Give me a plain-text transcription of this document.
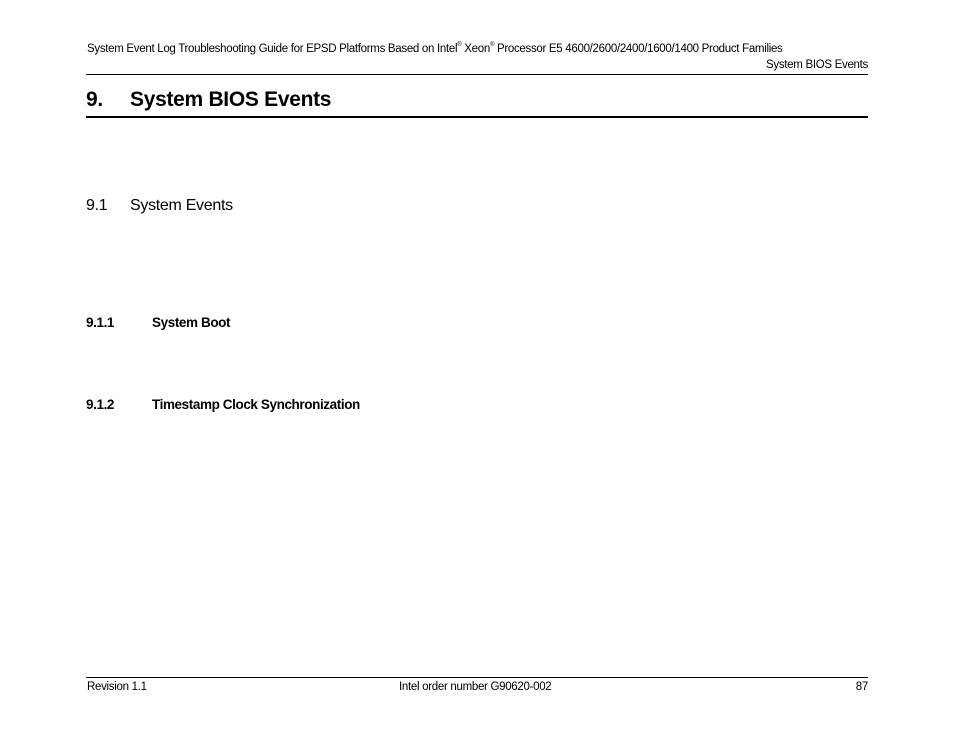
System Event Log Troubleshooting Guide for EPSD Platforms Based on Intel® Xeon® Processor E5 4600/2600/2400/1600/1400 Product Families
System BIOS Events
9. System BIOS Events
9.1 System Events
9.1.1	System Boot
9.1.2	Timestamp Clock Synchronization
Revision 1.1	Intel order number G90620-002	87
